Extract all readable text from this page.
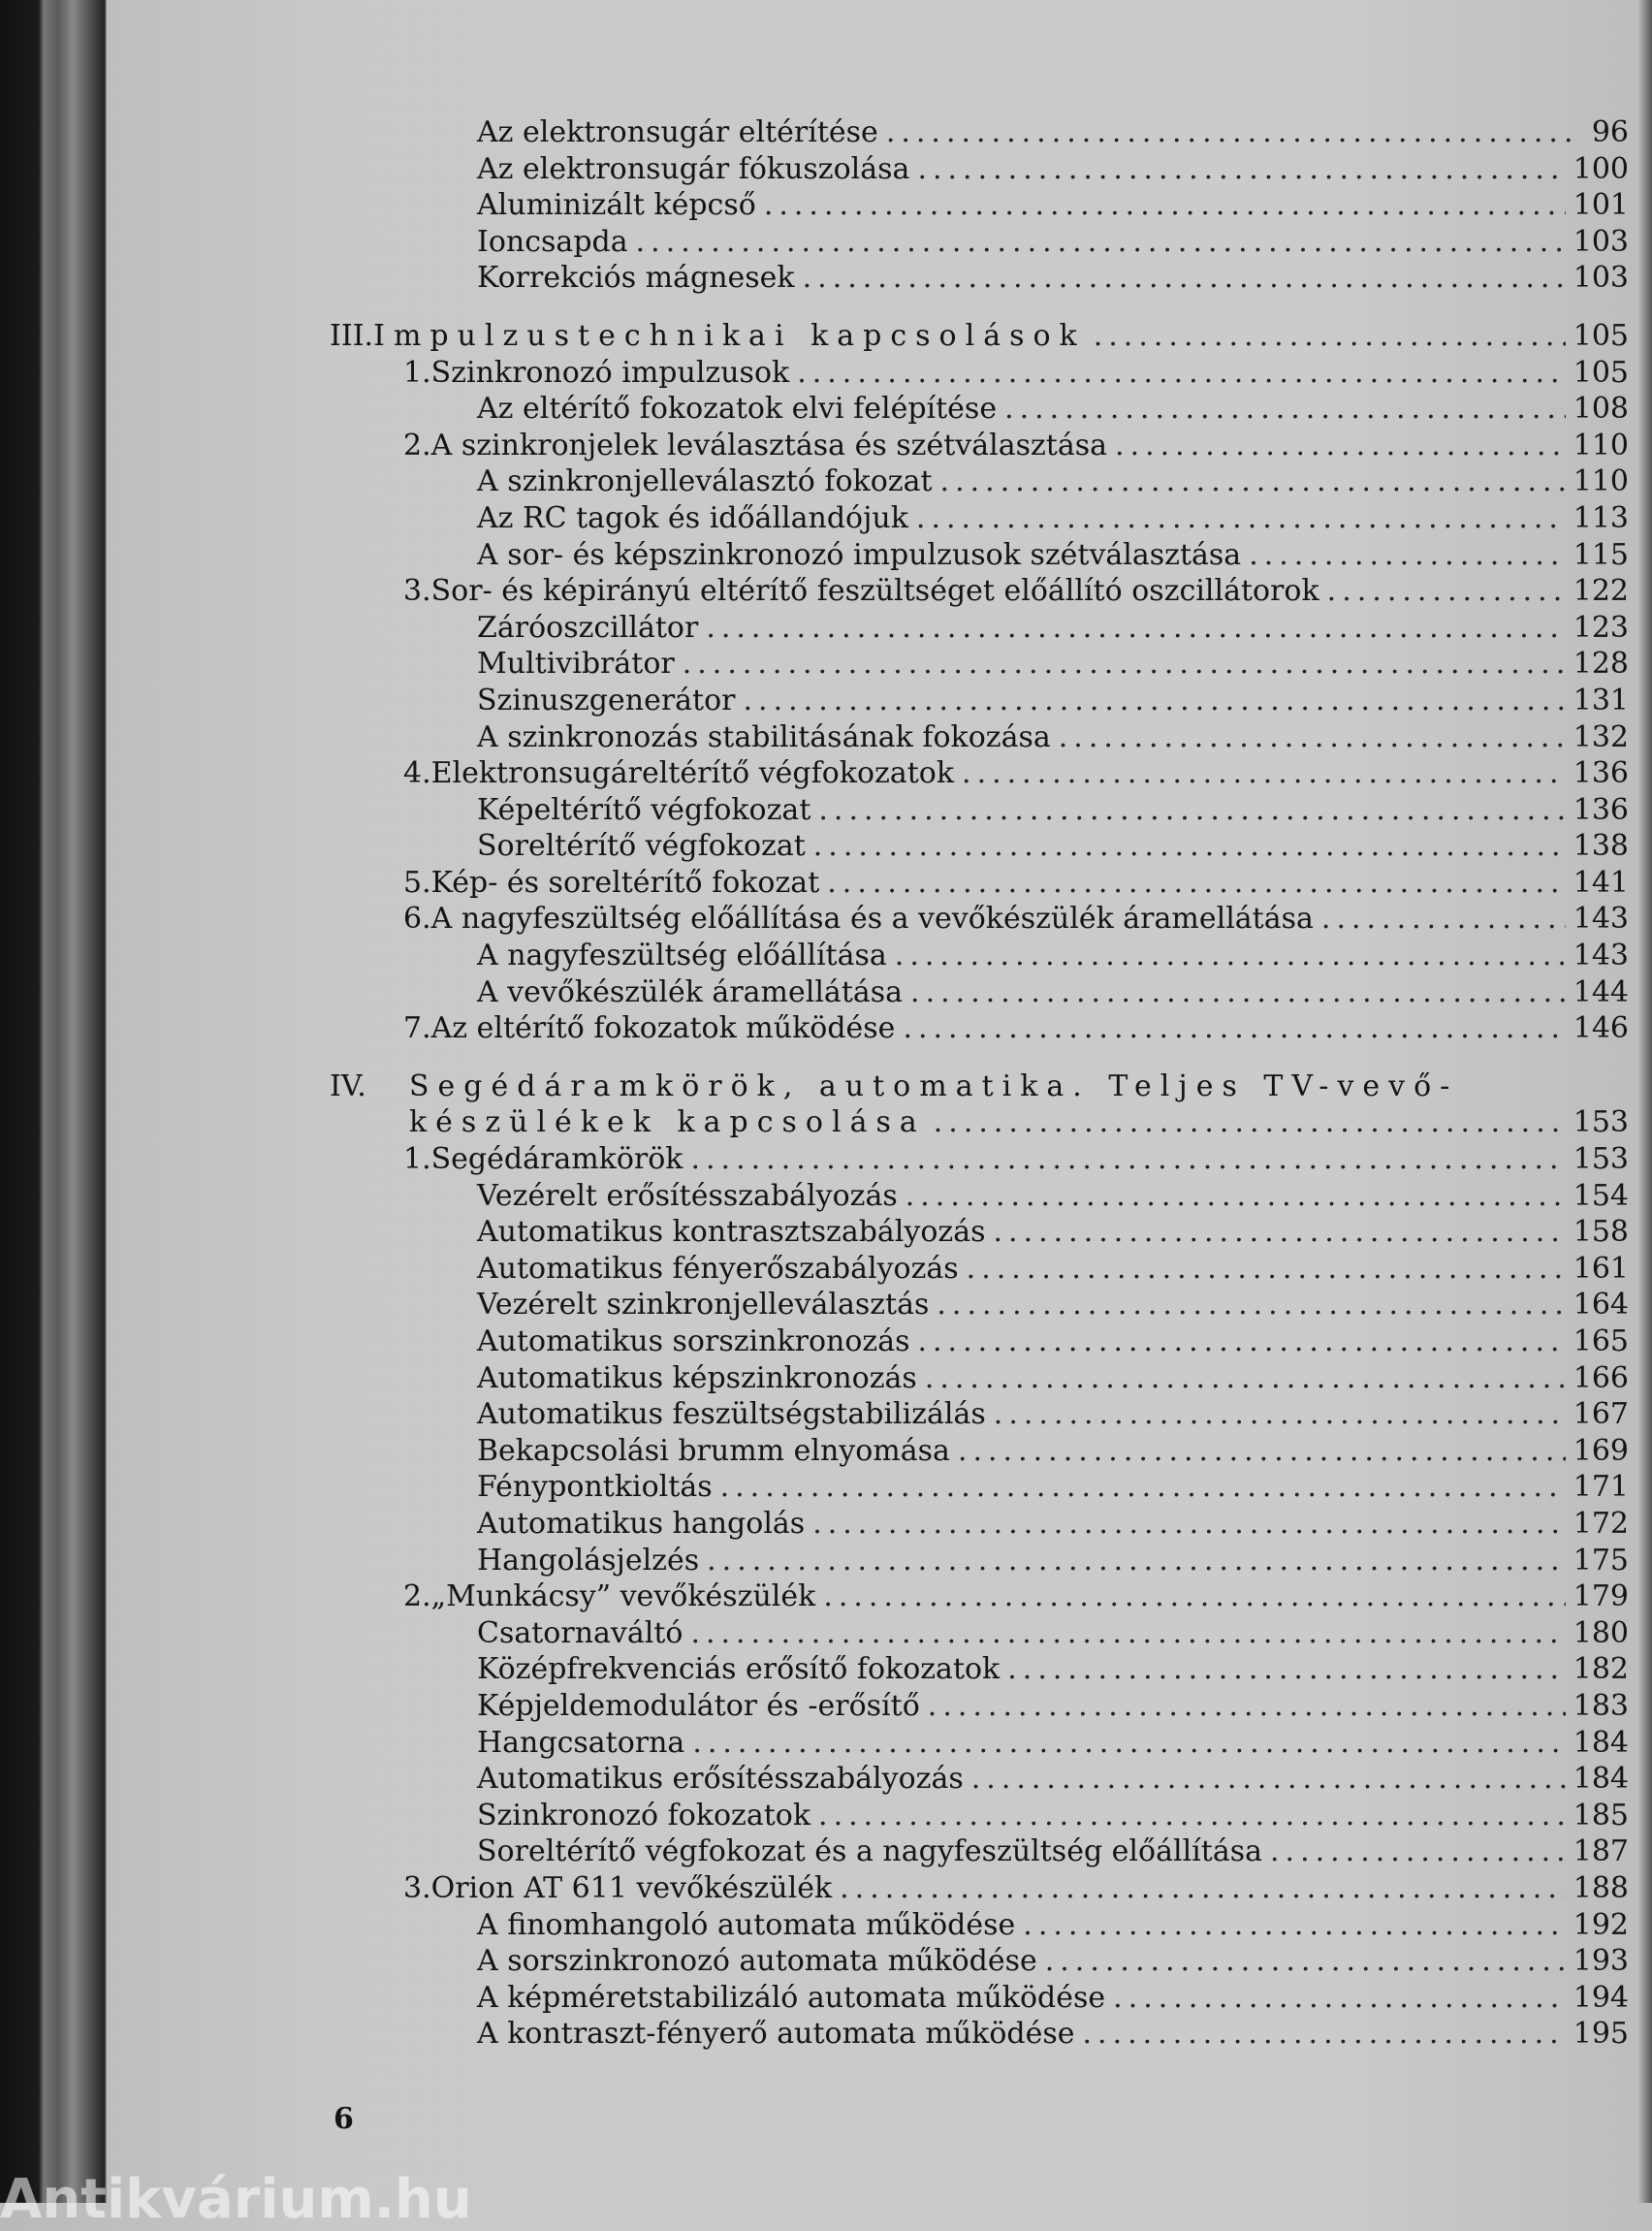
Az elektronsugár eltérítése .....	96
Az elektronsugár fókuszolása .....	100
Aluminizált képcső .....	101
Ioncsapda .....	103
Korrekciós mágnesek .....	103
III. Impulzustechnikai kapcsolások .....	105
1. Szinkronozó impulzusok .....	105
Az eltérítő fokozatok elvi felépítése .....	108
2. A szinkronjelek leválasztása és szétválasztása .....	110
A szinkronjelleválasztó fokozat .....	110
Az RC tagok és időállandójuk .....	113
A sor- és képszinkronozó impulzusok szétválasztása .....	115
3. Sor- és képirányú eltérítő feszültséget előállító oszcillátorok .....	122
Záróoszcillátor .....	123
Multivibrátor .....	128
Szinuszgenerátor .....	131
A szinkronozás stabilitásának fokozása .....	132
4. Elektronsugáreltérítő végfokozatok .....	136
Képeltérítő végfokozat .....	136
Soreltérítő végfokozat .....	138
5. Kép- és soreltérítő fokozat .....	141
6. A nagyfeszültség előállítása és a vevőkészülék áramellátása .....	143
A nagyfeszültség előállítása .....	143
A vevőkészülék áramellátása .....	144
7. Az eltérítő fokozatok működése .....	146
IV.	Segédáramkörök, automatika. Teljes TV-vevő-
készülékek kapcsolása .....	153
1. Segédáramkörök .....	153
Vezérelt erősítésszabályozás .....	154
Automatikus kontrasztszabályozás .....	158
Automatikus fényerőszabályozás .....	161
Vezérelt szinkronjelleválasztás .....	164
Automatikus sorszinkronozás .....	165
Automatikus képszinkronozás .....	166
Automatikus feszültségstabilizálás .....	167
Bekapcsolási brumm elnyomása .....	169
Fénypontkioltás .....	171
Automatikus hangolás .....	172
Hangolásjelzés .....	175
2. „Munkácsy” vevőkészülék .....	179
Csatornaváltó .....	180
Középfrekvenciás erősítő fokozatok .....	182
Képjeldemodulátor és -erősítő .....	183
Hangcsatorna .....	184
Automatikus erősítésszabályozás .....	184
Szinkronozó fokozatok .....	185
Soreltérítő végfokozat és a nagyfeszültség előállítása .....	187
3. Orion AT 611 vevőkészülék .....	188
A finomhangoló automata működése .....	192
A sorszinkronozó automata működése .....	193
A képméretstabilizáló automata működése .....	194
A kontraszt-fényerő automata működése .....	195
6
Antikvárium.hu
